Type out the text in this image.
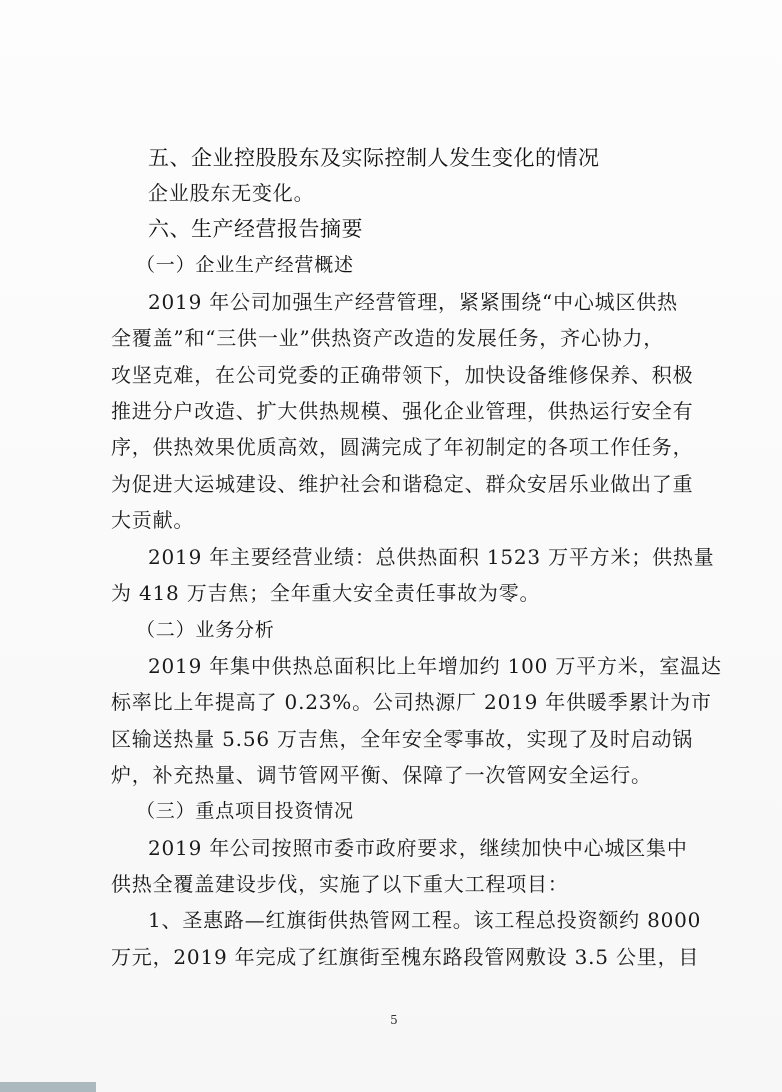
五、企业控股股东及实际控制人发生变化的情况
企业股东无变化。
六、生产经营报告摘要
（一）企业生产经营概述
2019 年公司加强生产经营管理，紧紧围绕“中心城区供热
全覆盖”和“三供一业”供热资产改造的发展任务，齐心协力，
攻坚克难，在公司党委的正确带领下，加快设备维修保养、积极
推进分户改造、扩大供热规模、强化企业管理，供热运行安全有
序，供热效果优质高效，圆满完成了年初制定的各项工作任务，
为促进大运城建设、维护社会和谐稳定、群众安居乐业做出了重
大贡献。
2019 年主要经营业绩：总供热面积 1523 万平方米；供热量
为 418 万吉焦；全年重大安全责任事故为零。
（二）业务分析
2019 年集中供热总面积比上年增加约 100 万平方米，室温达
标率比上年提高了 0.23%。公司热源厂 2019 年供暖季累计为市
区输送热量 5.56 万吉焦，全年安全零事故，实现了及时启动锅
炉，补充热量、调节管网平衡、保障了一次管网安全运行。
（三）重点项目投资情况
2019 年公司按照市委市政府要求，继续加快中心城区集中
供热全覆盖建设步伐，实施了以下重大工程项目：
1、圣惠路—红旗街供热管网工程。该工程总投资额约 8000
万元，2019 年完成了红旗街至槐东路段管网敷设 3.5 公里，目
5
